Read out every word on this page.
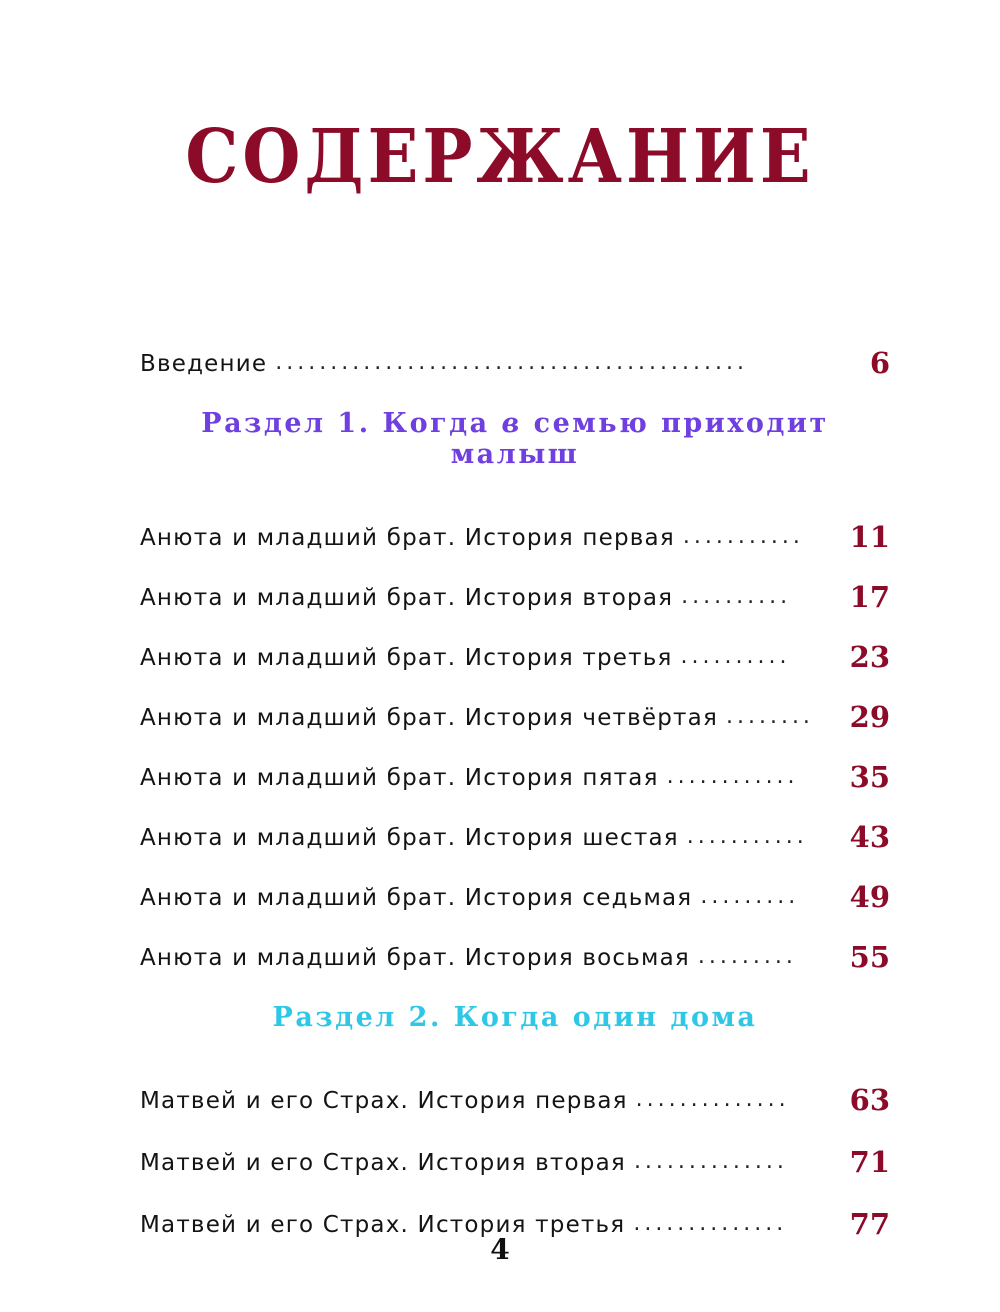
СОДЕРЖАНИЕ
Введение ...........................................	6
Раздел 1. Когда в семью приходит малыш
Анюта и младший брат. История первая ...........	11
Анюта и младший брат. История вторая ..........	17
Анюта и младший брат. История третья ..........	23
Анюта и младший брат. История четвёртая ........	29
Анюта и младший брат. История пятая ............	35
Анюта и младший брат. История шестая ...........	43
Анюта и младший брат. История седьмая .........	49
Анюта и младший брат. История восьмая .........	55
Раздел 2. Когда один дома
Матвей и его Страх. История первая ..............	63
Матвей и его Страх. История вторая ..............	71
Матвей и его Страх. История третья ..............	77
4
